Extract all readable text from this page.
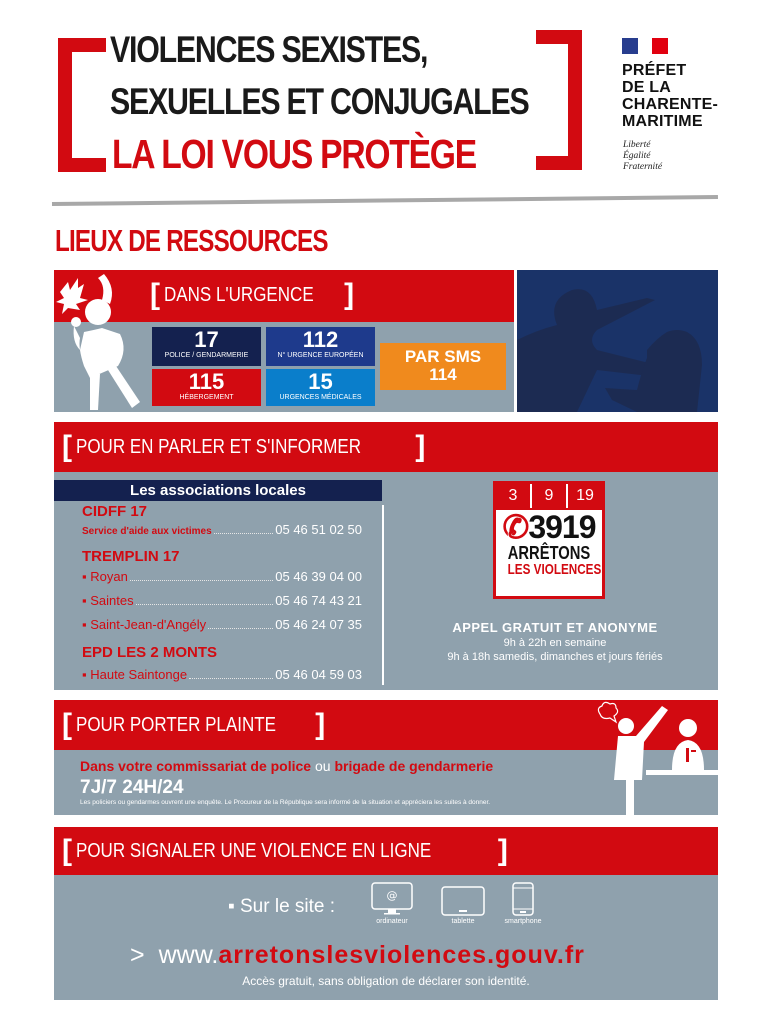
VIOLENCES SEXISTES,
SEXUELLES ET CONJUGALES
LA LOI VOUS PROTÈGE
PRÉFET
DE LA
CHARENTE-
MARITIME
Liberté
Égalité
Fraternité
LIEUX DE RESSOURCES
[ DANS L'URGENCE ]
17
POLICE / GENDARMERIE
112
N° URGENCE EUROPÉEN
115
HÉBERGEMENT
15
URGENCES MÉDICALES
PAR SMS
114
[ POUR EN PARLER ET S'INFORMER ]
Les associations locales
CIDFF 17
Service d'aide aux victimes	05 46 51 02 50
TREMPLIN 17
▪ Royan	05 46 39 04 00
▪ Saintes	05 46 74 43 21
▪ Saint-Jean-d'Angély	05 46 24 07 35
EPD LES 2 MONTS
▪ Haute Saintonge	05 46 04 59 03
3	9	19
✆3919
ARRÊTONS
LES VIOLENCES
APPEL GRATUIT ET ANONYME
9h à 22h en semaine
9h à 18h samedis, dimanches et jours fériés
[ POUR PORTER PLAINTE ]
Dans votre commissariat de police ou brigade de gendarmerie
7J/7 24H/24
Les policiers ou gendarmes ouvrent une enquête. Le Procureur de la République sera informé de la situation et appréciera les suites à donner.
[ POUR SIGNALER UNE VIOLENCE EN LIGNE ]
▪ Sur le site :
@
ordinateur	tablette	smartphone
> www.arretonslesviolences.gouv.fr
Accès gratuit, sans obligation de déclarer son identité.
